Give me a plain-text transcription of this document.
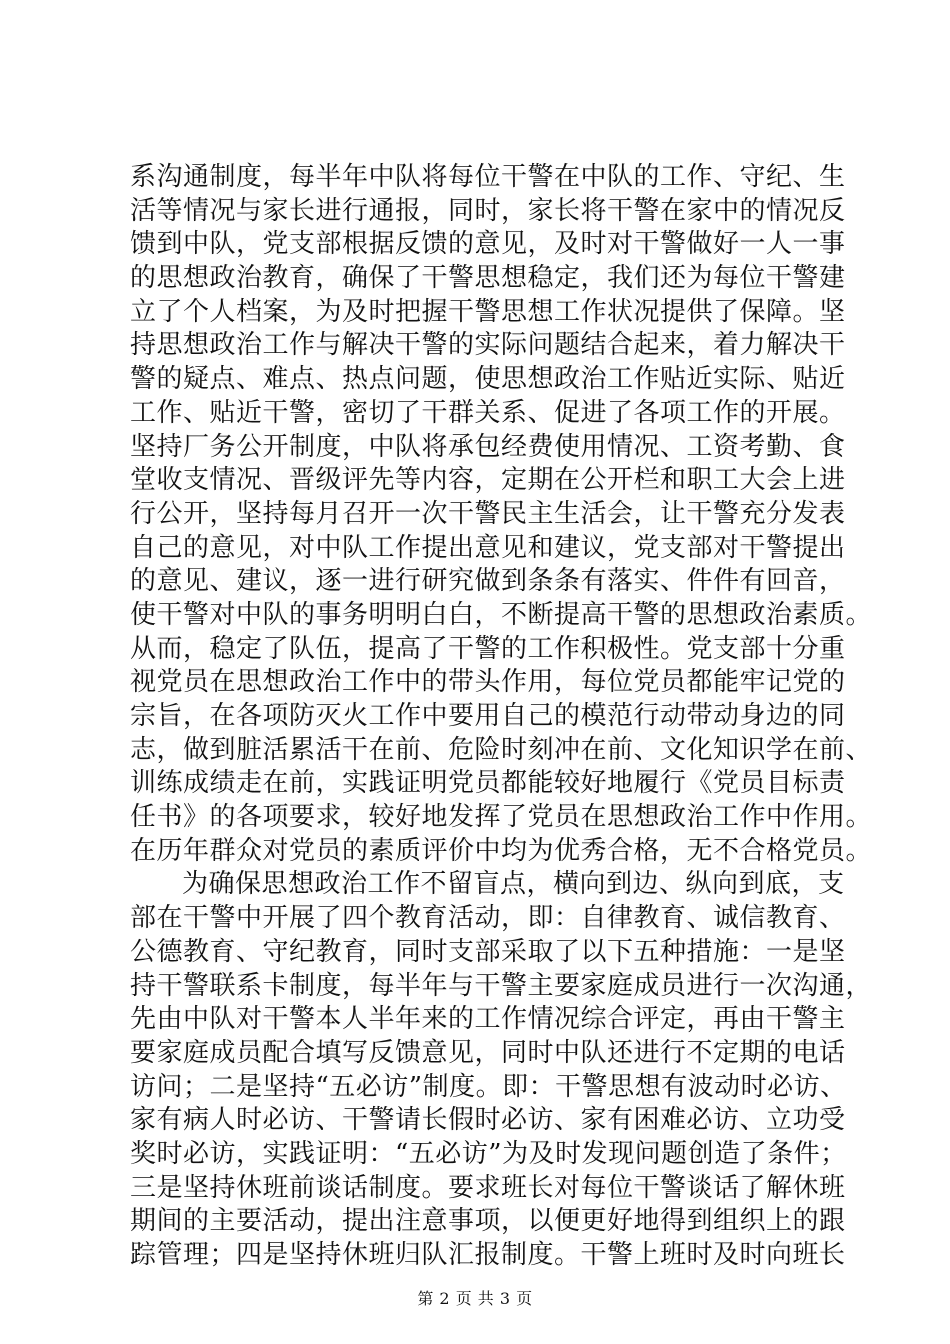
系沟通制度，每半年中队将每位干警在中队的工作、守纪、生
活等情况与家长进行通报，同时，家长将干警在家中的情况反
馈到中队，党支部根据反馈的意见，及时对干警做好一人一事
的思想政治教育，确保了干警思想稳定，我们还为每位干警建
立了个人档案，为及时把握干警思想工作状况提供了保障。坚
持思想政治工作与解决干警的实际问题结合起来，着力解决干
警的疑点、难点、热点问题，使思想政治工作贴近实际、贴近
工作、贴近干警，密切了干群关系、促进了各项工作的开展。
坚持厂务公开制度，中队将承包经费使用情况、工资考勤、食
堂收支情况、晋级评先等内容，定期在公开栏和职工大会上进
行公开，坚持每月召开一次干警民主生活会，让干警充分发表
自己的意见，对中队工作提出意见和建议，党支部对干警提出
的意见、建议，逐一进行研究做到条条有落实、件件有回音，
使干警对中队的事务明明白白，不断提高干警的思想政治素质。
从而，稳定了队伍，提高了干警的工作积极性。党支部十分重
视党员在思想政治工作中的带头作用，每位党员都能牢记党的
宗旨，在各项防灭火工作中要用自己的模范行动带动身边的同
志，做到脏活累活干在前、危险时刻冲在前、文化知识学在前、
训练成绩走在前，实践证明党员都能较好地履行《党员目标责
任书》的各项要求，较好地发挥了党员在思想政治工作中作用。
在历年群众对党员的素质评价中均为优秀合格，无不合格党员。
为确保思想政治工作不留盲点，横向到边、纵向到底，支
部在干警中开展了四个教育活动，即：自律教育、诚信教育、
公德教育、守纪教育，同时支部采取了以下五种措施：一是坚
持干警联系卡制度，每半年与干警主要家庭成员进行一次沟通，
先由中队对干警本人半年来的工作情况综合评定，再由干警主
要家庭成员配合填写反馈意见，同时中队还进行不定期的电话
访问；二是坚持“五必访”制度。即：干警思想有波动时必访、
家有病人时必访、干警请长假时必访、家有困难必访、立功受
奖时必访，实践证明：“五必访”为及时发现问题创造了条件；
三是坚持休班前谈话制度。要求班长对每位干警谈话了解休班
期间的主要活动，提出注意事项，以便更好地得到组织上的跟
踪管理；四是坚持休班归队汇报制度。干警上班时及时向班长
第 2 页 共 3 页
